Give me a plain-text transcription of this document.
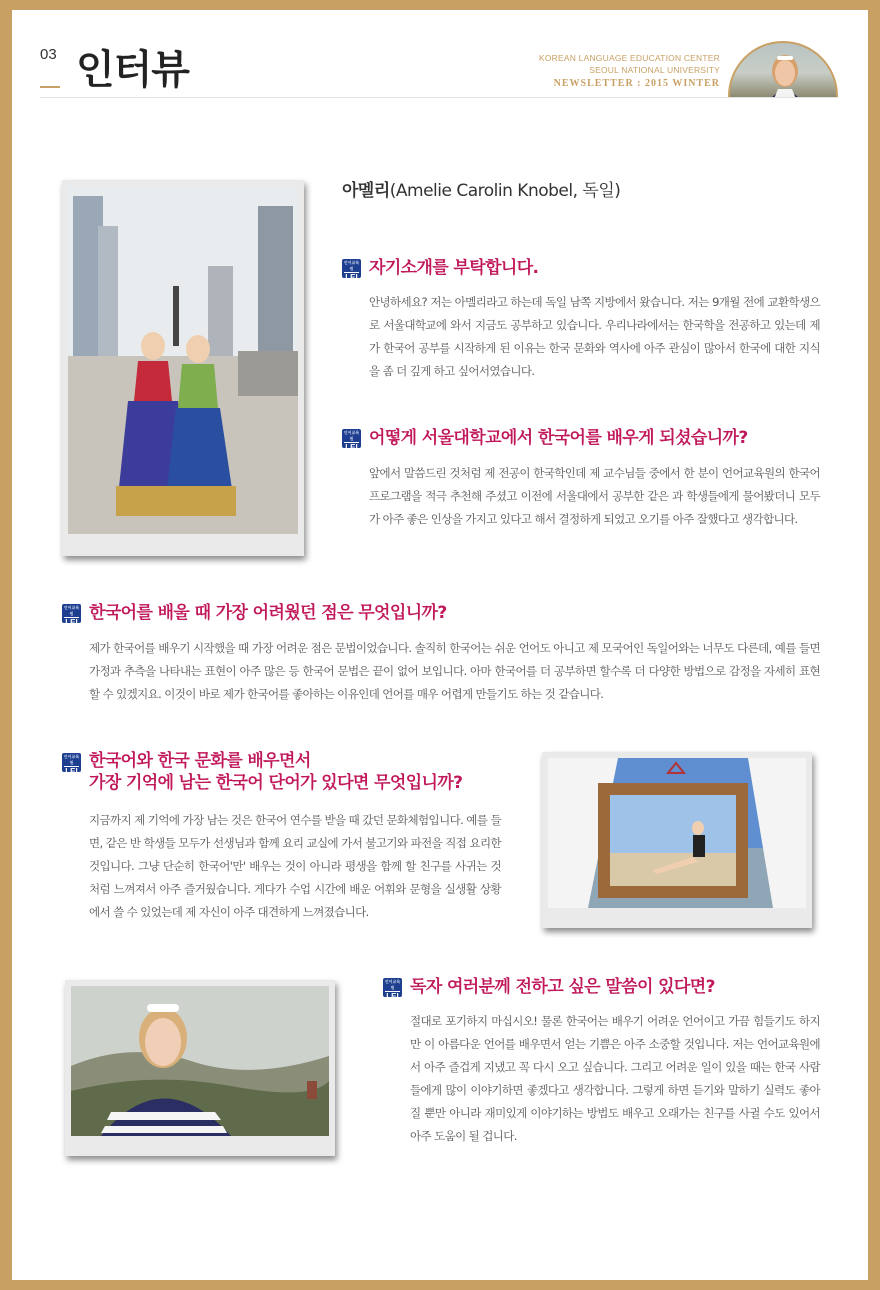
03 인터뷰	KOREAN LANGUAGE EDUCATION CENTER
SEOUL NATIONAL UNIVERSITY
NEWSLETTER : 2015 WINTER
아멜리(Amelie Carolin Knobel, 독일)
언어교육원
LEI 자기소개를 부탁합니다.
안녕하세요? 저는 아멜리라고 하는데 독일 남쪽 지방에서 왔습니다. 저는 9개월 전에 교환학생으로 서울대학교에 와서 지금도 공부하고 있습니다. 우리나라에서는 한국학을 전공하고 있는데 제가 한국어 공부를 시작하게 된 이유는 한국 문화와 역사에 아주 관심이 많아서 한국에 대한 지식을 좀 더 깊게 하고 싶어서였습니다.
언어교육원
LEI 어떻게 서울대학교에서 한국어를 배우게 되셨습니까?
앞에서 말씀드린 것처럼 제 전공이 한국학인데 제 교수님들 중에서 한 분이 언어교육원의 한국어 프로그램을 적극 추천해 주셨고 이전에 서울대에서 공부한 같은 과 학생들에게 물어봤더니 모두가 아주 좋은 인상을 가지고 있다고 해서 결정하게 되었고 오기를 아주 잘했다고 생각합니다.
언어교육원
LEI 한국어를 배울 때 가장 어려웠던 점은 무엇입니까?
제가 한국어를 배우기 시작했을 때 가장 어려운 점은 문법이었습니다. 솔직히 한국어는 쉬운 언어도 아니고 제 모국어인 독일어와는 너무도 다른데, 예를 들면 가정과 추측을 나타내는 표현이 아주 많은 등 한국어 문법은 끝이 없어 보입니다. 아마 한국어를 더 공부하면 할수록 더 다양한 방법으로 감정을 자세히 표현할 수 있겠지요. 이것이 바로 제가 한국어를 좋아하는 이유인데 언어를 매우 어렵게 만들기도 하는 것 같습니다.
언어교육원
LEI
한국어와 한국 문화를 배우면서
가장 기억에 남는 한국어 단어가 있다면 무엇입니까?
지금까지 제 기억에 가장 남는 것은 한국어 연수를 받을 때 갔던 문화체험입니다. 예를 들면, 같은 반 학생들 모두가 선생님과 함께 요리 교실에 가서 불고기와 파전을 직접 요리한 것입니다. 그냥 단순히 한국어'만' 배우는 것이 아니라 평생을 함께 할 친구를 사귀는 것처럼 느껴져서 아주 즐거웠습니다. 게다가 수업 시간에 배운 어휘와 문형을 실생활 상황에서 쓸 수 있었는데 제 자신이 아주 대견하게 느껴졌습니다.
언어교육원
LEI 독자 여러분께 전하고 싶은 말씀이 있다면?
절대로 포기하지 마십시오! 물론 한국어는 배우기 어려운 언어이고 가끔 힘들기도 하지만 이 아름다운 언어를 배우면서 얻는 기쁨은 아주 소중할 것입니다. 저는 언어교육원에서 아주 즐겁게 지냈고 꼭 다시 오고 싶습니다. 그리고 어려운 일이 있을 때는 한국 사람들에게 많이 이야기하면 좋겠다고 생각합니다. 그렇게 하면 듣기와 말하기 실력도 좋아질 뿐만 아니라 재미있게 이야기하는 방법도 배우고 오래가는 친구를 사귈 수도 있어서 아주 도움이 될 겁니다.
